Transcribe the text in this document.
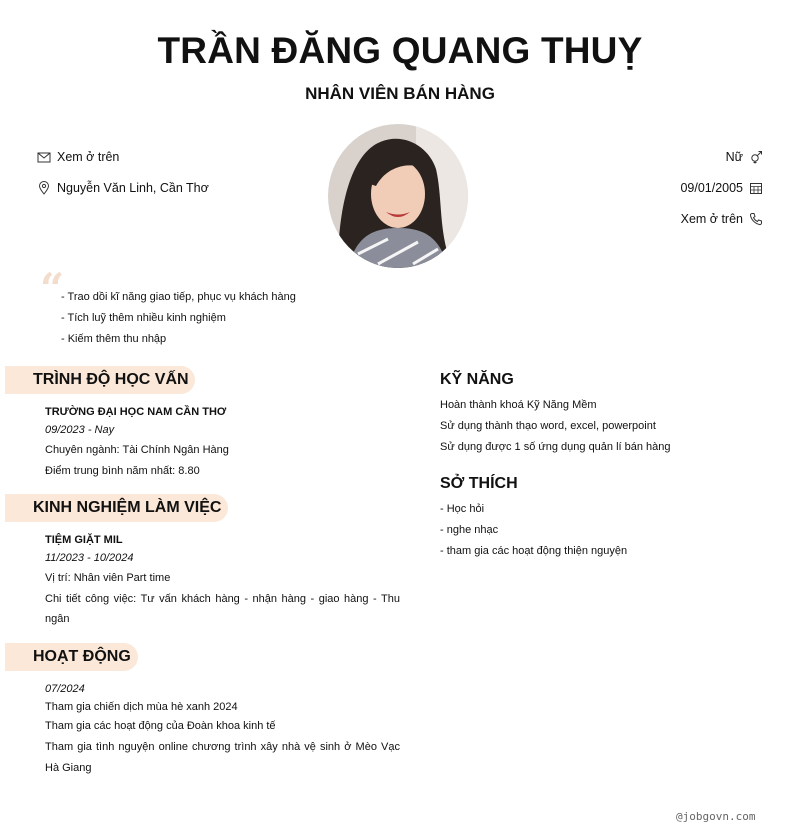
TRẦN ĐĂNG QUANG THUỴ
NHÂN VIÊN BÁN HÀNG
Xem ở trên
Nguyễn Văn Linh, Cần Thơ
Nữ
09/01/2005
Xem ở trên
“
- Trao dồi kĩ năng giao tiếp, phục vụ khách hàng
- Tích luỹ thêm nhiều kinh nghiệm
- Kiếm thêm thu nhập
TRÌNH ĐỘ HỌC VẤN
TRƯỜNG ĐẠI HỌC NAM CẦN THƠ
09/2023 - Nay
Chuyên ngành: Tài Chính Ngân Hàng
Điểm trung bình năm nhất: 8.80
KINH NGHIỆM LÀM VIỆC
TIỆM GIẶT MIL
11/2023 - 10/2024
Vị trí: Nhân viên Part time
Chi tiết công việc: Tư vấn khách hàng - nhận hàng - giao hàng - Thu
ngân
HOẠT ĐỘNG
07/2024
Tham gia chiến dịch mùa hè xanh 2024
Tham gia các hoạt động của Đoàn khoa kinh tế
Tham gia tình nguyện online chương trình xây nhà vệ sinh ở Mèo Vạc
Hà Giang
KỸ NĂNG
Hoàn thành khoá Kỹ Năng Mềm
Sử dụng thành thạo word, excel, powerpoint
Sử dụng được 1 số ứng dụng quản lí bán hàng
SỞ THÍCH
- Học hỏi
- nghe nhạc
- tham gia các hoạt động thiện nguyện
@jobgovn.com
